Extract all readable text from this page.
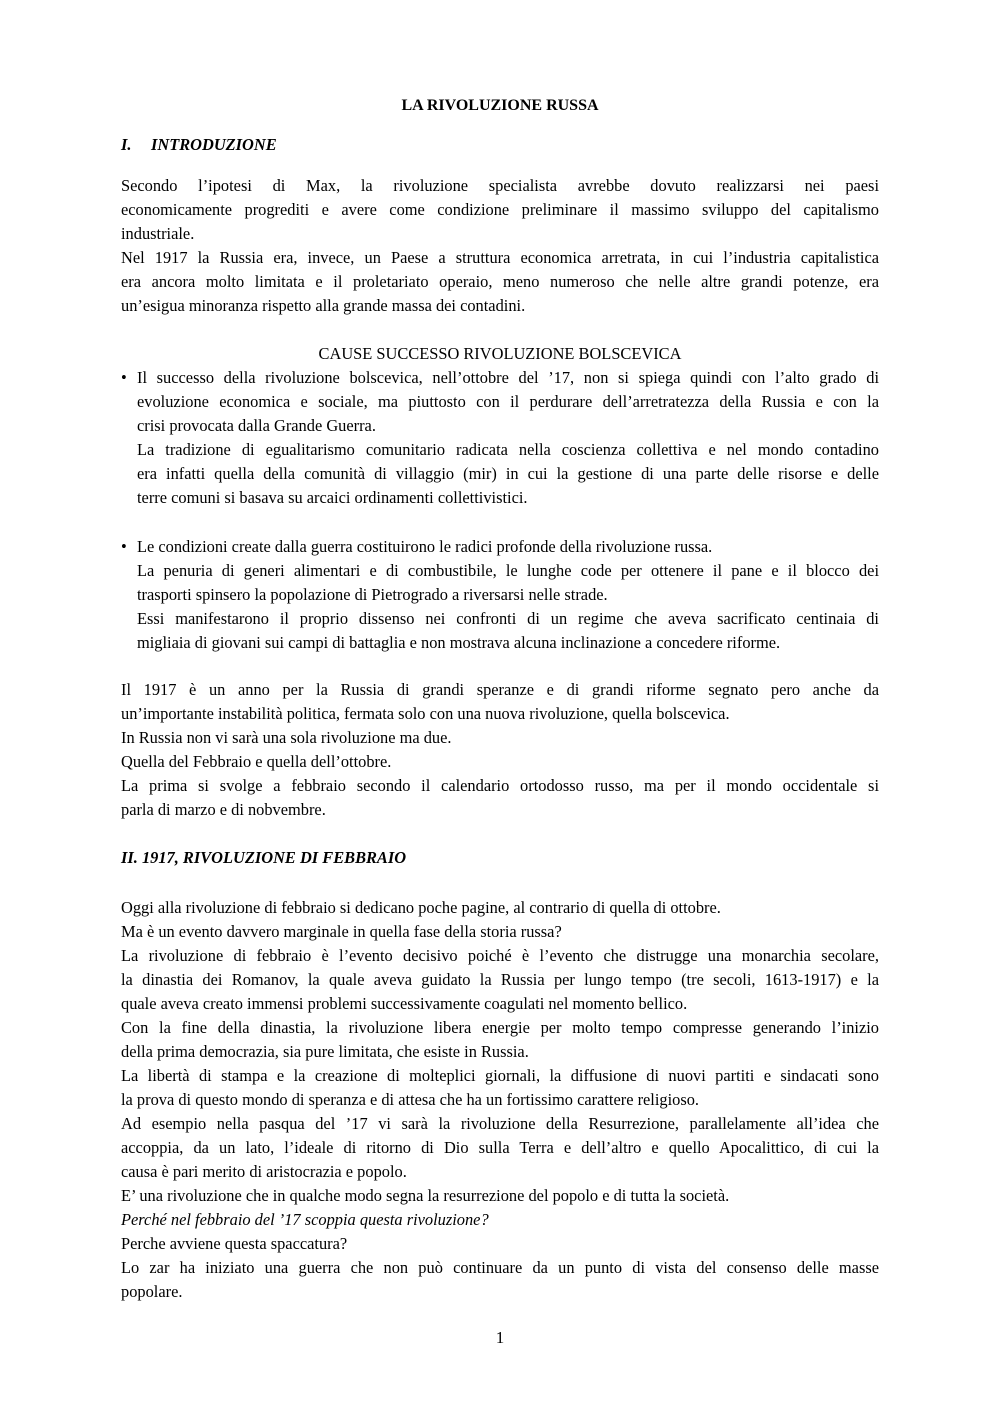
LA RIVOLUZIONE RUSSA
I. INTRODUZIONE

Secondo l’ipotesi di Max, la rivoluzione specialista avrebbe dovuto realizzarsi nei paesi

economicamente progrediti e avere come condizione preliminare il massimo sviluppo del capitalismo

industriale.

Nel 1917 la Russia era, invece, un Paese a struttura economica arretrata, in cui l’industria capitalistica

era ancora molto limitata e il proletariato operaio, meno numeroso che nelle altre grandi potenze, era

un’esigua minoranza rispetto alla grande massa dei contadini.

CAUSE SUCCESSO RIVOLUZIONE BOLSCEVICA
• Il successo della rivoluzione bolscevica, nell’ottobre del ’17, non si spiega quindi con l’alto grado di

evoluzione economica e sociale, ma piuttosto con il perdurare dell’arretratezza della Russia e con la

crisi provocata dalla Grande Guerra.

La tradizione di egualitarismo comunitario radicata nella coscienza collettiva e nel mondo contadino

era infatti quella della comunità di villaggio (mir) in cui la gestione di una parte delle risorse e delle

terre comuni si basava su arcaici ordinamenti collettivistici.

• Le condizioni create dalla guerra costituirono le radici profonde della rivoluzione russa.

La penuria di generi alimentari e di combustibile, le lunghe code per ottenere il pane e il blocco dei

trasporti spinsero la popolazione di Pietrogrado a riversarsi nelle strade.

Essi manifestarono il proprio dissenso nei confronti di un regime che aveva sacrificato centinaia di

migliaia di giovani sui campi di battaglia e non mostrava alcuna inclinazione a concedere riforme.

Il 1917 è un anno per la Russia di grandi speranze e di grandi riforme segnato pero anche da

un’importante instabilità politica, fermata solo con una nuova rivoluzione, quella bolscevica.

In Russia non vi sarà una sola rivoluzione ma due.

Quella del Febbraio e quella dell’ottobre.

La prima si svolge a febbraio secondo il calendario ortodosso russo, ma per il mondo occidentale si

parla di marzo e di nobvembre.

II. 1917, RIVOLUZIONE DI FEBBRAIO

Oggi alla rivoluzione di febbraio si dedicano poche pagine, al contrario di quella di ottobre.

Ma è un evento davvero marginale in quella fase della storia russa?

La rivoluzione di febbraio è l’evento decisivo poiché è l’evento che distrugge una monarchia secolare,

la dinastia dei Romanov, la quale aveva guidato la Russia per lungo tempo (tre secoli, 1613-1917) e la

quale aveva creato immensi problemi successivamente coagulati nel momento bellico.

Con la fine della dinastia, la rivoluzione libera energie per molto tempo compresse generando l’inizio

della prima democrazia, sia pure limitata, che esiste in Russia.

La libertà di stampa e la creazione di molteplici giornali, la diffusione di nuovi partiti e sindacati sono

la prova di questo mondo di speranza e di attesa che ha un fortissimo carattere religioso.

Ad esempio nella pasqua del ’17 vi sarà la rivoluzione della Resurrezione, parallelamente all’idea che

accoppia, da un lato, l’ideale di ritorno di Dio sulla Terra e dell’altro e quello Apocalittico, di cui la

causa è pari merito di aristocrazia e popolo.

E’ una rivoluzione che in qualche modo segna la resurrezione del popolo e di tutta la società.

Perché nel febbraio del ’17 scoppia questa rivoluzione?

Perche avviene questa spaccatura?

Lo zar ha iniziato una guerra che non può continuare da un punto di vista del consenso delle masse

popolare.

1
